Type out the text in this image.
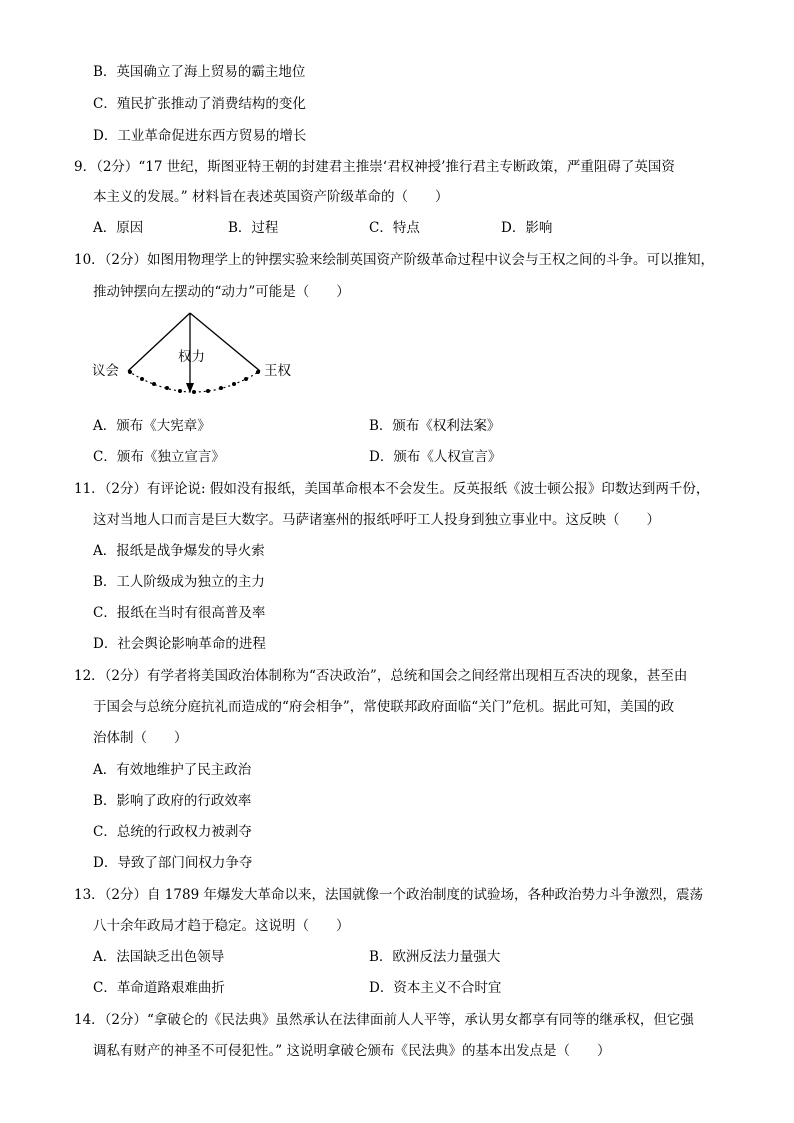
B．英国确立了海上贸易的霸主地位
C．殖民扩张推动了消费结构的变化
D．工业革命促进东西方贸易的增长
9．（2分）“17 世纪，斯图亚特王朝的封建君主推崇‘君权神授’推行君主专断政策，严重阻碍了英国资
本主义的发展。” 材料旨在表述英国资产阶级革命的（　　）
A．原因	B．过程	C．特点	D．影响
10．（2分）如图用物理学上的钟摆实验来绘制英国资产阶级革命过程中议会与王权之间的斗争。可以推知，
推动钟摆向左摆动的“动力”可能是（　　）
议会
权力
王权
A．颁布《大宪章》	B．颁布《权利法案》
C．颁布《独立宣言》	D．颁布《人权宣言》
11．（2分）有评论说: 假如没有报纸，美国革命根本不会发生。反英报纸《波士顿公报》印数达到两千份，
这对当地人口而言是巨大数字。马萨诸塞州的报纸呼吁工人投身到独立事业中。这反映（　　）
A．报纸是战争爆发的导火索
B．工人阶级成为独立的主力
C．报纸在当时有很高普及率
D．社会舆论影响革命的进程
12．（2分）有学者将美国政治体制称为“否决政治”，总统和国会之间经常出现相互否决的现象，甚至由
于国会与总统分庭抗礼而造成的“府会相争”，常使联邦政府面临“关门”危机。据此可知，美国的政
治体制（　　）
A．有效地维护了民主政治
B．影响了政府的行政效率
C．总统的行政权力被剥夺
D．导致了部门间权力争夺
13．（2分）自 1789 年爆发大革命以来，法国就像一个政治制度的试验场，各种政治势力斗争激烈，震荡
八十余年政局才趋于稳定。这说明（　　）
A．法国缺乏出色领导	B．欧洲反法力量强大
C．革命道路艰难曲折	D．资本主义不合时宜
14．（2分）“拿破仑的《民法典》虽然承认在法律面前人人平等，承认男女都享有同等的继承权，但它强
调私有财产的神圣不可侵犯性。” 这说明拿破仑颁布《民法典》的基本出发点是（　　）
